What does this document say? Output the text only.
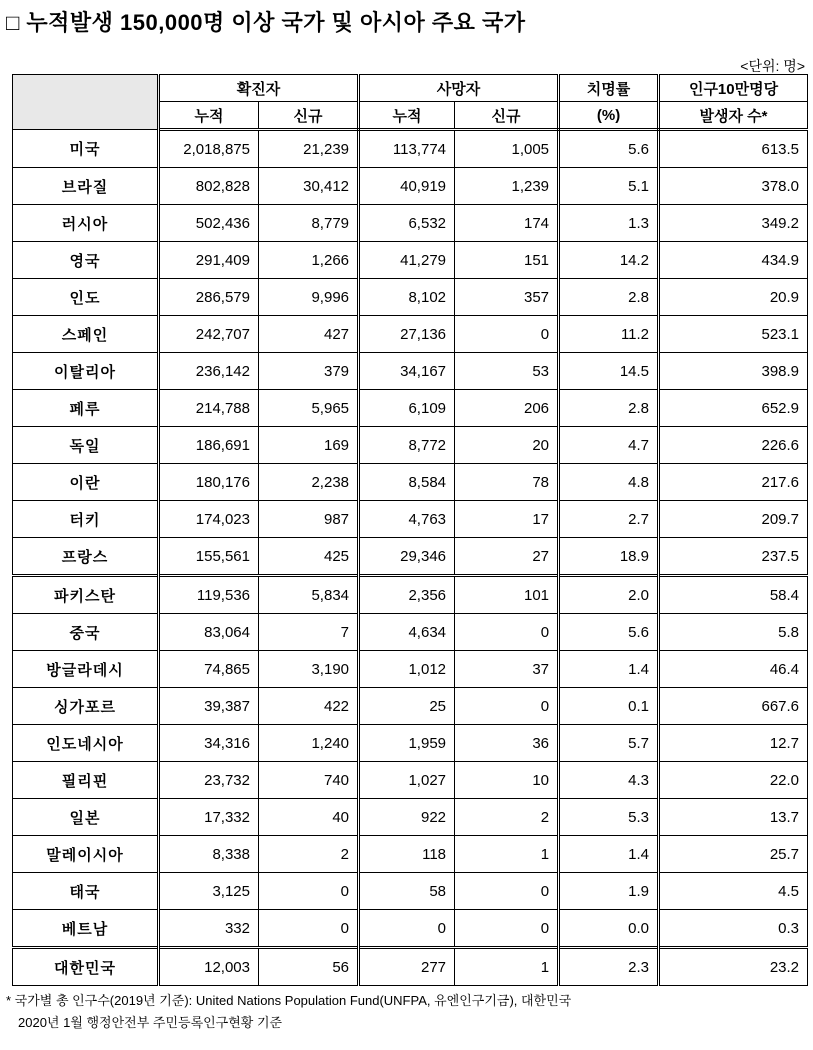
□ 누적발생 150,000명 이상 국가 및 아시아 주요 국가
<단위: 명>
	확진자		사망자		치명률	인구10만명당
	누적	신규	누적	신규	(%)	발생자 수*
미국	2,018,875	21,239	113,774	1,005	5.6	613.5
브라질	802,828	30,412	40,919	1,239	5.1	378.0
러시아	502,436	8,779	6,532	174	1.3	349.2
영국	291,409	1,266	41,279	151	14.2	434.9
인도	286,579	9,996	8,102	357	2.8	20.9
스페인	242,707	427	27,136	0	11.2	523.1
이탈리아	236,142	379	34,167	53	14.5	398.9
페루	214,788	5,965	6,109	206	2.8	652.9
독일	186,691	169	8,772	20	4.7	226.6
이란	180,176	2,238	8,584	78	4.8	217.6
터키	174,023	987	4,763	17	2.7	209.7
프랑스	155,561	425	29,346	27	18.9	237.5
파키스탄	119,536	5,834	2,356	101	2.0	58.4
중국	83,064	7	4,634	0	5.6	5.8
방글라데시	74,865	3,190	1,012	37	1.4	46.4
싱가포르	39,387	422	25	0	0.1	667.6
인도네시아	34,316	1,240	1,959	36	5.7	12.7
필리핀	23,732	740	1,027	10	4.3	22.0
일본	17,332	40	922	2	5.3	13.7
말레이시아	8,338	2	118	1	1.4	25.7
태국	3,125	0	58	0	1.9	4.5
베트남	332	0	0	0	0.0	0.3
대한민국	12,003	56	277	1	2.3	23.2
* 국가별 총 인구수(2019년 기준): United Nations Population Fund(UNFPA, 유엔인구기금), 대한민국
2020년 1월 행정안전부 주민등록인구현황 기준
